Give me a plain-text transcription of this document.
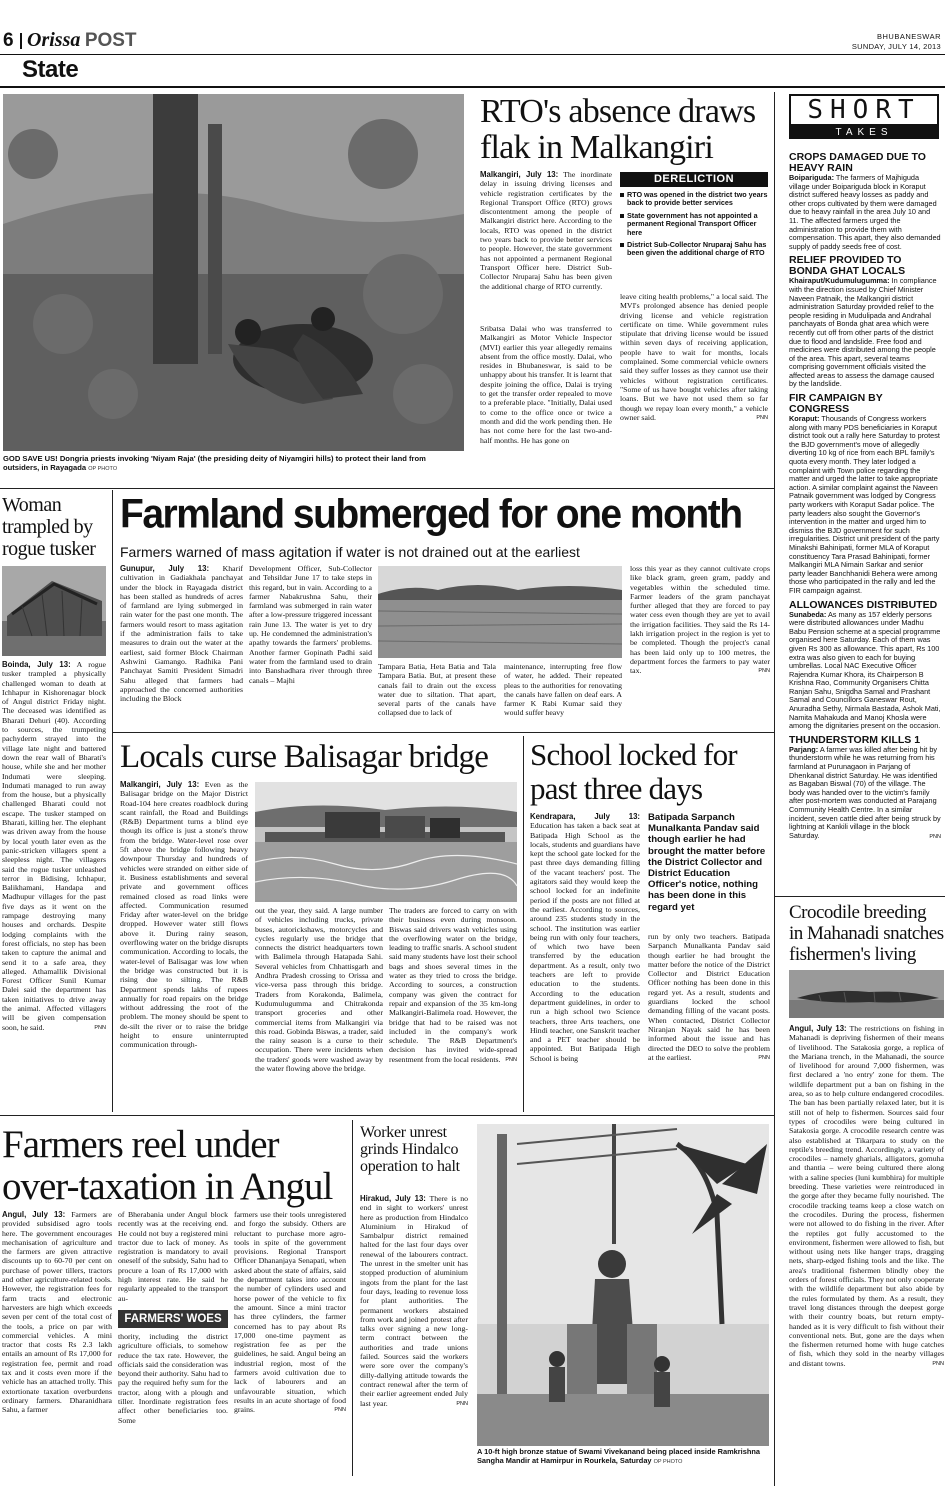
6 Orissa POST	BHUBANESWAR
SUNDAY, JULY 14, 2013
State
GOD SAVE US! Dongria priests invoking 'Niyam Raja' (the presiding deity of Niyamgiri hills) to protect their land from outsiders, in Rayagada OP PHOTO
RTO's absence draws flak in Malkangiri
Malkangiri, July 13: The inordinate delay in issuing driving licenses and vehicle registration certificates by the Regional Transport Office (RTO) grows discontentment among the people of Malkangiri district here. According to the locals, RTO was opened in the district two years back to provide better services to people. However, the state government has not appointed a permanent Regional Transport Officer here. District Sub-Collector Nruparaj Sahu has been given the additional charge of RTO currently.
DERELICTION
RTO was opened in the district two years back to provide better services
State government has not appointed a permanent Regional Transport Officer here
District Sub-Collector Nruparaj Sahu has been given the additional charge of RTO
Sribatsa Dalai who was transferred to Malkangiri as Motor Vehicle Inspector (MVI) earlier this year allegedly remains absent from the office mostly. Dalai, who resides in Bhubaneswar, is said to be unhappy about his transfer. It is learnt that despite joining the office, Dalai is trying to get the transfer order repealed to move to a preferable place. "Initially, Dalai used to come to the office once or twice a month and did the work pending then. He has not come here for the last two-and-half months. He has gone on
leave citing health problems," a local said. The MVI's prolonged absence has denied people driving license and vehicle registration certificate on time. While government rules stipulate that driving license would be issued within seven days of receiving application, people have to wait for months, locals complained. Some commercial vehicle owners said they suffer losses as they cannot use their vehicles without registration certificates. "Some of us have bought vehicles after taking loans. But we have not used them so far though we repay loan every month," a vehicle owner said.	PNN
SHORT
TAKES

CROPS DAMAGED DUE TO HEAVY RAIN

Boipariguda: The farmers of Majhiguda village under Boipariguda block in Koraput district suffered heavy losses as paddy and other crops cultivated by them were damaged due to heavy rainfall in the area July 10 and 11. The affected farmers urged the administration to provide them with compensation. This apart, they also demanded supply of paddy seeds free of cost.

RELIEF PROVIDED TO BONDA GHAT LOCALS

Khairaput/Kudumulugumma: In compliance with the direction issued by Chief Minister Naveen Patnaik, the Malkangiri district administration Saturday provided relief to the people residing in Mudulipada and Andrahal panchayats of Bonda ghat area which were recently cut off from other parts of the district due to flood and landslide. Free food and medicines were distributed among the people of the area. This apart, several teams comprising government officials visited the affected areas to assess the damage caused by the landslide.

FIR CAMPAIGN BY CONGRESS

Koraput: Thousands of Congress workers along with many PDS beneficiaries in Koraput district took out a rally here Saturday to protest the BJD government's move of allegedly diverting 10 kg of rice from each BPL family's quota every month. They later lodged a complaint with Town police regarding the matter and urged the latter to take appropriate action. A similar complaint against the Naveen Patnaik government was lodged by Congress party workers with Koraput Sadar police. The party leaders also sought the Governor's intervention in the matter and urged him to dismiss the BJD government for such irregularities. District unit president of the party Minakshi Bahinipati, former MLA of Koraput constituency Tara Prasad Bahinipati, former Malkangiri MLA Nimain Sarkar and senior party leader Banchhanidi Behera were among those who participated in the rally and led the FIR campaign against.

ALLOWANCES DISTRIBUTED

Sunabeda: As many as 157 elderly persons were distributed allowances under Madhu Babu Pension scheme at a special programme organised here Saturday. Each of them was given Rs 300 as allowance. This apart, Rs 100 extra was also given to each for buying umbrellas. Local NAC Executive Officer Rajendra Kumar Khora, its Chairperson B Krishna Rao, Community Organisers Chitta Ranjan Sahu, Snigdha Samal and Prashant Samal and Councillors Ganeswar Rout, Anuradha Sethy, Nirmala Bastada, Ashok Mati, Namita Mahakuda and Manoj Khosla were among the dignitaries present on the occasion.

THUNDERSTORM KILLS 1

Parjang: A farmer was killed after being hit by thunderstorm while he was returning from his farmland at Purunagaon in Parjang of Dhenkanal district Saturday. He was identified as Bagaban Biswal (70) of the village. The body was handed over to the victim's family after post-mortem was conducted at Parajang Community Health Centre. In a similar incident, seven cattle died after being struck by lightning at Kankili village in the block Saturday.	PNN

Woman trampled by rogue tusker
Boinda, July 13: A rogue tusker trampled a physically challenged woman to death at Ichhapur in Kishorenagar block of Angul district Friday night. The deceased was identified as Bharati Dehuri (40). According to sources, the trumpeting pachyderm strayed into the village late night and battered down the rear wall of Bharati's house, while she and her mother Indumati were sleeping. Indumati managed to run away from the house, but a physically challenged Bharati could not escape. The tusker stamped on Bharati, killing her. The elephant was driven away from the house by local youth later even as the panic-stricken villagers spent a sleepless night. The villagers said the rogue tusker unleashed terror in Bidising, Ichhapur, Balikhamani, Handapa and Madhupur villages for the past five days as it went on the rampage destroying many houses and orchards. Despite lodging complaints with the forest officials, no step has been taken to capture the animal and send it to a safe area, they alleged. Athamallik Divisional Forest Officer Sunil Kumar Dalei said the department has taken initiatives to drive away the animal. Affected villagers will be given compensation soon, he said.	PNN
Farmland submerged for one month
Farmers warned of mass agitation if water is not drained out at the earliest
Gunupur, July 13: Kharif cultivation in Gadiakhala panchayat under the block in Rayagada district has been stalled as hundreds of acres of farmland are lying submerged in rain water for the past one month. The farmers would resort to mass agitation if the administration fails to take measures to drain out the water at the earliest, said former Block Chairman Ashwini Gamango. Radhika Pani Panchayat Samiti President Simadri Sahu alleged that farmers had approached the concerned authorities including the Block
Development Officer, Sub-Collector and Tehsildar June 17 to take steps in this regard, but in vain. According to a farmer Nabakrushna Sahu, their farmland was submerged in rain water after a low-pressure triggered incessant rain June 13. The water is yet to dry up. He condemned the administration's apathy towards the farmers' problems. Another farmer Gopinath Padhi said water from the farmland used to drain into Banshadhara river through three canals – Majhi
Tampara Batia, Heta Batia and Tala Tampara Batia. But, at present these canals fail to drain out the excess water due to siltation. That apart, several parts of the canals have collapsed due to lack of
maintenance, interrupting free flow of water, he added. Their repeated pleas to the authorities for renovating the canals have fallen on deaf ears. A farmer K Rabi Kumar said they would suffer heavy
loss this year as they cannot cultivate crops like black gram, green gram, paddy and vegetables within the scheduled time. Farmer leaders of the gram panchayat further alleged that they are forced to pay water cess even though they are yet to avail the irrigation facilities. They said the Rs 14-lakh irrigation project in the region is yet to be completed. Though the project's canal has been laid only up to 100 metres, the department forces the farmers to pay water tax.	PNN
Locals curse Balisagar bridge
Malkangiri, July 13: Even as the Balisagar bridge on the Major District Road-104 here creates roadblock during scant rainfall, the Road and Buildings (R&B) Department turns a blind eye though its office is just a stone's throw from the bridge. Water-level rose over 5ft above the bridge following heavy downpour Thursday and hundreds of vehicles were stranded on either side of it. Business establishments and several private and government offices remained closed as road links were affected. Communication resumed Friday after water-level on the bridge dropped. However water still flows above it. During rainy season, overflowing water on the bridge disrupts communication. According to locals, the water-level of Balisagar was low when the bridge was constructed but it is rising due to silting. The R&B Department spends lakhs of rupees annually for road repairs on the bridge without addressing the root of the problem. The money should be spent to de-silt the river or to raise the bridge height to ensure uninterrupted communication through-
out the year, they said. A large number of vehicles including trucks, private buses, autorickshaws, motorcycles and cycles regularly use the bridge that connects the district headquarters town with Balimela through Hatapada Sahi. Several vehicles from Chhattisgarh and Andhra Pradesh crossing to Orissa and vice-versa pass through this bridge. Traders from Korakonda, Balimela, Kudumulugumma and Chitrakonda transport groceries and other commercial items from Malkangiri via this road. Gobinda Biswas, a trader, said the rainy season is a curse to their occupation. There were incidents when the traders' goods were washed away by the water flowing above the bridge.
The traders are forced to carry on with their business even during monsoon. Biswas said drivers wash vehicles using the overflowing water on the bridge, leading to traffic snarls. A school student said many students have lost their school bags and shoes several times in the water as they tried to cross the bridge. According to sources, a construction company was given the contract for repair and expansion of the 35 km-long Malkangiri-Balimela road. However, the bridge that had to be raised was not included in the company's work schedule. The R&B Department's decision has invited wide-spread resentment from the local residents. PNN
School locked for past three days
Kendrapara, July 13: Education has taken a back seat at Batipada High School as the locals, students and guardians have kept the school gate locked for the past three days demanding filling of the vacant teachers' post. The agitators said they would keep the school locked for an indefinite period if the posts are not filled at the earliest. According to sources, around 235 students study in the school. The institution was earlier being run with only four teachers, of which two have been transferred by the education department. As a result, only two teachers are left to provide education to the students. According to the education department guidelines, in order to run a high school two Science teachers, three Arts teachers, one Hindi teacher, one Sanskrit teacher and a PET teacher should be appointed. But Batipada High School is being
Batipada Sarpanch Munalkanta Pandav said though earlier he had brought the matter before the District Collector and District Education Officer's notice, nothing has been done in this regard yet
run by only two teachers. Batipada Sarpanch Munalkanta Pandav said though earlier he had brought the matter before the notice of the District Collector and District Education Officer nothing has been done in this regard yet. As a result, students and guardians locked the school demanding filling of the vacant posts. When contacted, District Collector Niranjan Nayak said he has been informed about the issue and has directed the DEO to solve the problem at the earliest.	PNN
Crocodile breeding in Mahanadi snatches fishermen's living
Angul, July 13: The restrictions on fishing in Mahanadi is depriving fishermen of their means of livelihood. The Satakosia gorge, a replica of the Mariana trench, in the Mahanadi, the source of livelihood for around 7,000 fishermen, was first declared a 'no entry' zone for them. The wildlife department put a ban on fishing in the area, so as to help culture endangered crocodiles. The ban has been partially relaxed later, but it is still not of help to fishermen. Sources said four types of crocodiles were being cultured in Satakosia gorge. A crocodile research centre was also established at Tikarpara to study on the reptile's breeding trend. Accordingly, a variety of crocodiles – namely gharials, alligators, gomuha and thantia – were being cultured there along with a saline species (luni kumbhira) for multiple breeding. These varieties were reintroduced in the gorge after they became fully nourished. The crocodile tracking teams keep a close watch on the crocodiles. During the process, fishermen were not allowed to do fishing in the river. After the reptiles got fully accustomed to the environment, fishermen were allowed to fish, but without using nets like hanger traps, dragging nets, sharp-edged fishing tools and the like. The area's traditional fishermen blindly obey the orders of forest officials. They not only cooperate with the wildlife department but also abide by the rules formulated by them. As a result, they travel long distances through the deepest gorge with their country boats, but return empty-handed as it is very difficult to fish without their conventional nets. But, gone are the days when the fishermen returned home with huge catches of fish, which they sold in the nearby villages and distant towns.	PNN
Farmers reel under over-taxation in Angul
Angul, July 13: Farmers are provided subsidised agro tools here. The government encourages mechanisation of agriculture and the farmers are given attractive discounts up to 60-70 per cent on purchase of power tillers, tractors and other agriculture-related tools. However, the registration fees for farm tracts and electronic harvesters are high which exceeds seven per cent of the total cost of the tools, a price on par with commercial vehicles. A mini tractor that costs Rs 2.3 lakh entails an amount of Rs 17,000 for registration fee, permit and road tax and it costs even more if the vehicle has an attached trolly. This extortionate taxation overburdens ordinary farmers. Dharanidhara Sahu, a farmer
of Bherabania under Angul block recently was at the receiving end. He could not buy a registered mini tractor due to lack of money. As registration is mandatory to avail oneself of the subsidy, Sahu had to procure a loan of Rs 17,000 with high interest rate. He said he regularly appealed to the transport au-
FARMERS' WOES
thority, including the district agriculture officials, to somehow reduce the tax rate. However, the officials said the consideration was beyond their authority. Sahu had to pay the required hefty sum for the tractor, along with a plough and tiller. Inordinate registration fees affect other beneficiaries too. Some
farmers use their tools unregistered and forgo the subsidy. Others are reluctant to purchase more agro-tools in spite of the government provisions. Regional Transport Officer Dhananjaya Senapati, when asked about the state of affairs, said the department takes into account the number of cylinders used and horse power of the vehicle to fix the amount. Since a mini tractor has three cylinders, the farmer concerned has to pay about Rs 17,000 one-time payment as registration fee as per the guidelines, he said. Angul being an industrial region, most of the farmers avoid cultivation due to lack of labourers and an unfavourable situation, which results in an acute shortage of food grains.	PNN
Worker unrest grinds Hindalco operation to halt
Hirakud, July 13: There is no end in sight to workers' unrest here as production from Hindalco Aluminium in Hirakud of Sambalpur district remained halted for the last four days over renewal of the labourers contract. The unrest in the smelter unit has stopped production of aluminium ingots from the plant for the last four days, leading to revenue loss for plant authorities. The permanent workers abstained from work and joined protest after talks over signing a new long-term contract between the authorities and trade unions failed. Sources said the workers were sore over the company's dilly-dallying attitude towards the contract renewal after the term of their earlier agreement ended July last year.	PNN
A 10-ft high bronze statue of Swami Vivekanand being placed inside Ramkrishna Sangha Mandir at Hamirpur in Rourkela, Saturday OP PHOTO
